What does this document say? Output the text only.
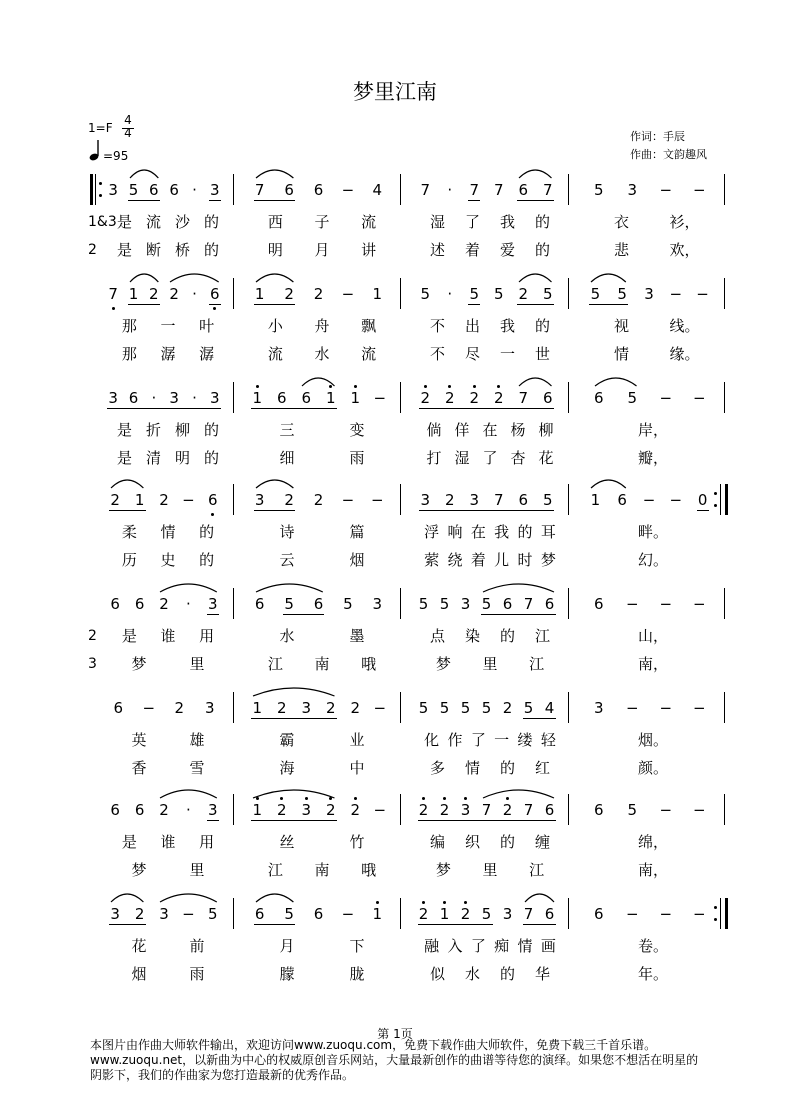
梦里江南
1=F
4
4
=95
作词：手辰
作曲：文韵趣风
3 5 6 6 · 3 7 6 6 − 4	7 · 7 7 6 7	5 3 − −
1&3 是 流 沙 的	西 子 流	湿 了 我 的	衣	衫，
2 是 断 桥 的	明 月 讲	述 着 爱 的	悲	欢，
7 1 2 2 · 6 1 2 2 − 1	5 · 5 5 2 5	5 5 3 − −
那 一 叶	小 舟 飘	不 出 我 的	视	线。
那 潺 潺	流 水 流	不 尽 一 世	情	缘。
3 6 · 3 · 3 1 6 6 1 1 − 2 2 2 2 7 6	6 5 − −
是 折 柳 的	三	变	倘 佯 在 杨 柳	岸，
是 清 明 的	细	雨	打 湿 了 杏 花	瓣，
2 1 2 − 6 3 2 2 − − 3 2 3 7 6 5	1 6 − − 0
柔 情 的	诗	篇	浮 响 在 我 的 耳	畔。
历 史 的	云	烟	萦 绕 着 儿 时 梦	幻。
6 6 2 · 3 6 5 6 5 3 5 5 3 5 6 7 6	6 − − −
2 是 谁 用	水	墨	点 染 的 江	山，
3 梦	里	江 南 哦	梦 里 江	南，
6 − 2 3	1 2 3 2 2 − 5 5 5 5 2 5 4	3 − − −
英	雄	霸	业	化 作 了 一 缕 轻	烟。
香	雪	海	中	多 情 的 红	颜。
6 6 2 · 3 1 2 3 2 2 − 2 2 3 7 2 7 6	6 5 − −
是 谁 用	丝	竹	编 织 的 缠	绵，
梦	里	江 南 哦	梦 里 江	南，
3 2 3 − 5 6 5 6 − 1 2 1 2 5 3 7 6	6 − − −
花	前	月	下	融 入 了 痴 情 画	卷。
烟	雨	朦	胧	似 水 的 华	年。
第 1页
本图片由作曲大师软件输出，欢迎访问www.zuoqu.com，免费下载作曲大师软件，免费下载三千首乐谱。 www.zuoqu.net，以新曲为中心的权威原创音乐网站，大量最新创作的曲谱等待您的演绎。如果您不想活在明星的阴影下，我们的作曲家为您打造最新的优秀作品。
